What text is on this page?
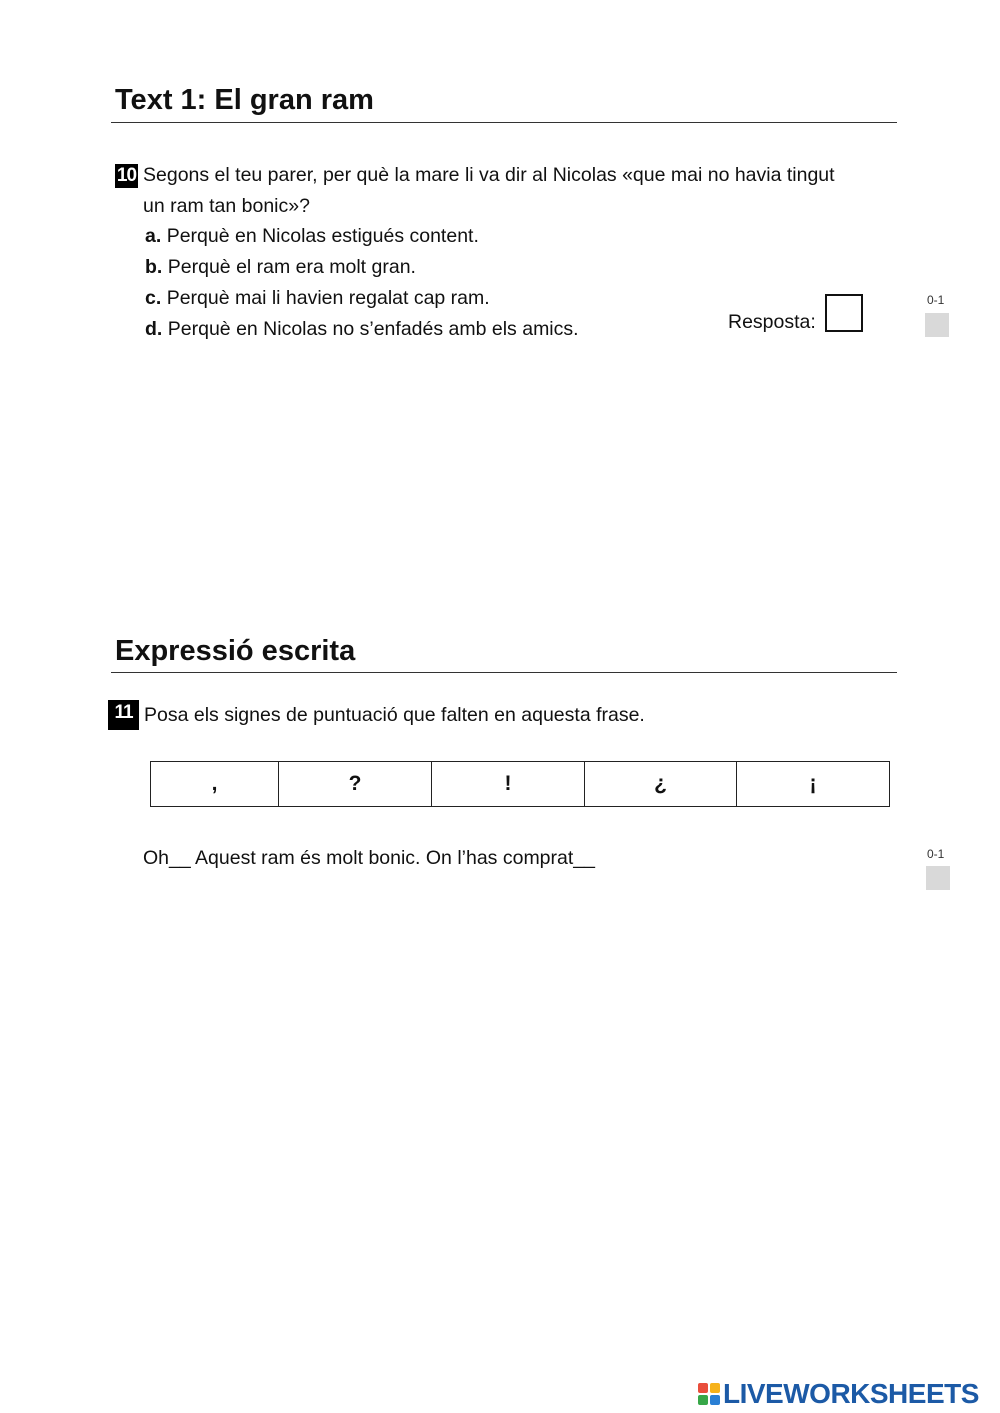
Text 1: El gran ram
10 Segons el teu parer, per què la mare li va dir al Nicolas «que mai no havia tingut
un ram tan bonic»?
a. Perquè en Nicolas estigués content.
b. Perquè el ram era molt gran.
c. Perquè mai li havien regalat cap ram.
d. Perquè en Nicolas no s’enfadés amb els amics.	Resposta:
0-1
Expressió escrita
11 Posa els signes de puntuació que falten en aquesta frase.
,	?	!	¿	¡
Oh__ Aquest ram és molt bonic. On l’has comprat__	0-1
LIVEWORKSHEETS
